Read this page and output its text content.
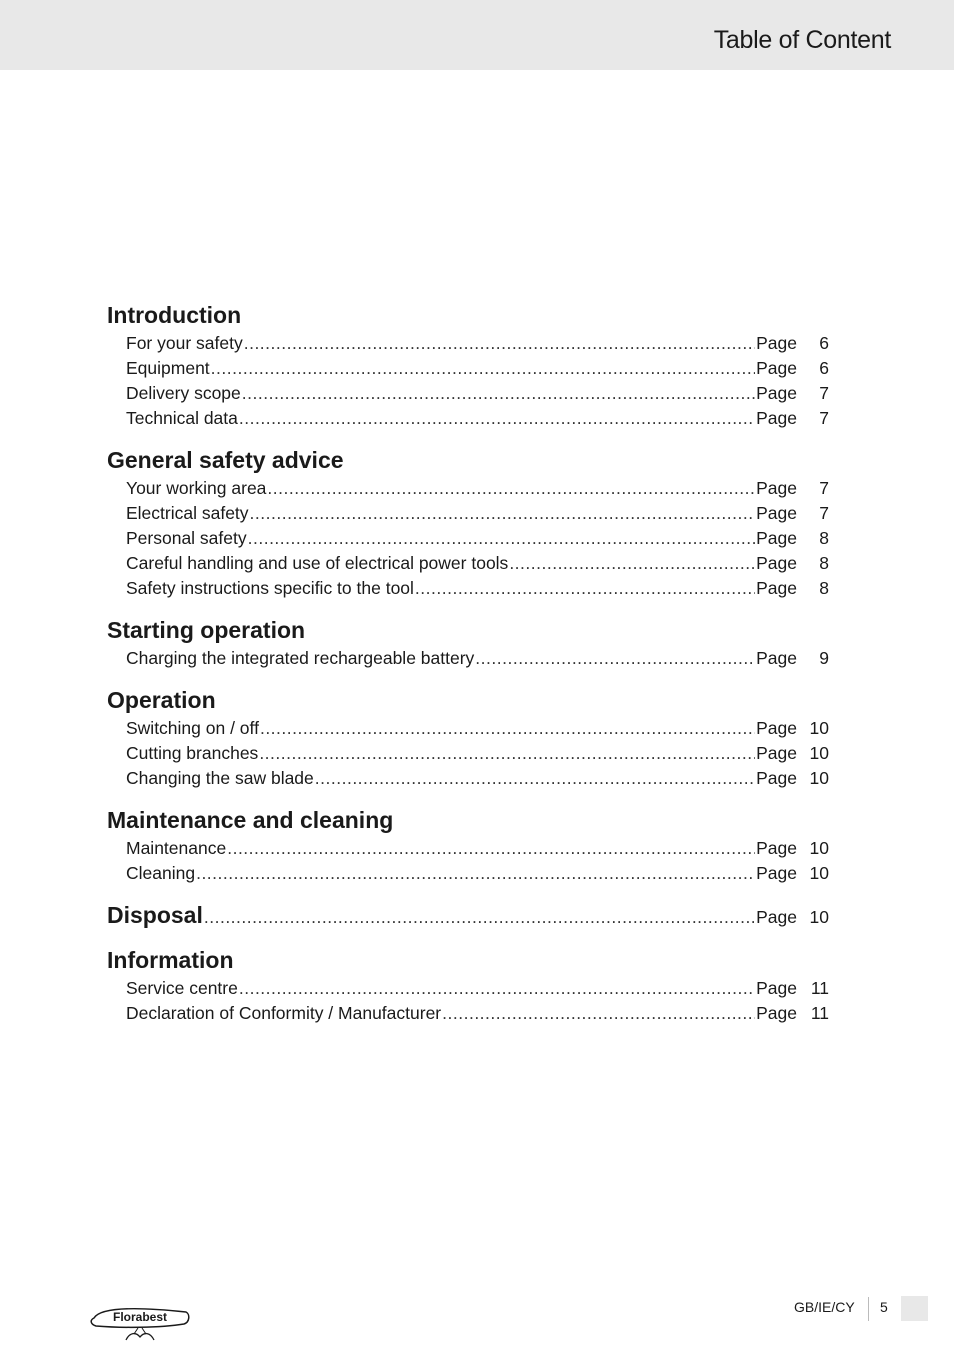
Table of Content
Introduction
For your safety .....	Page	6
Equipment .....	Page	6
Delivery scope .....	Page	7
Technical data .....	Page	7
General safety advice
Your working area .....	Page	7
Electrical safety .....	Page	7
Personal safety .....	Page	8
Careful handling and use of electrical power tools .....	Page	8
Safety instructions specific to the tool .....	Page	8
Starting operation
Charging the integrated rechargeable battery .....	Page	9
Operation
Switching on / off .....	Page 10
Cutting branches .....	Page 10
Changing the saw blade .....	Page 10
Maintenance and cleaning
Maintenance .....	Page 10
Cleaning .....	Page 10
Disposal .....	Page 10
Information
Service centre .....	Page 11
Declaration of Conformity / Manufacturer .....	Page 11
Florabest
GB/IE/CY 5
